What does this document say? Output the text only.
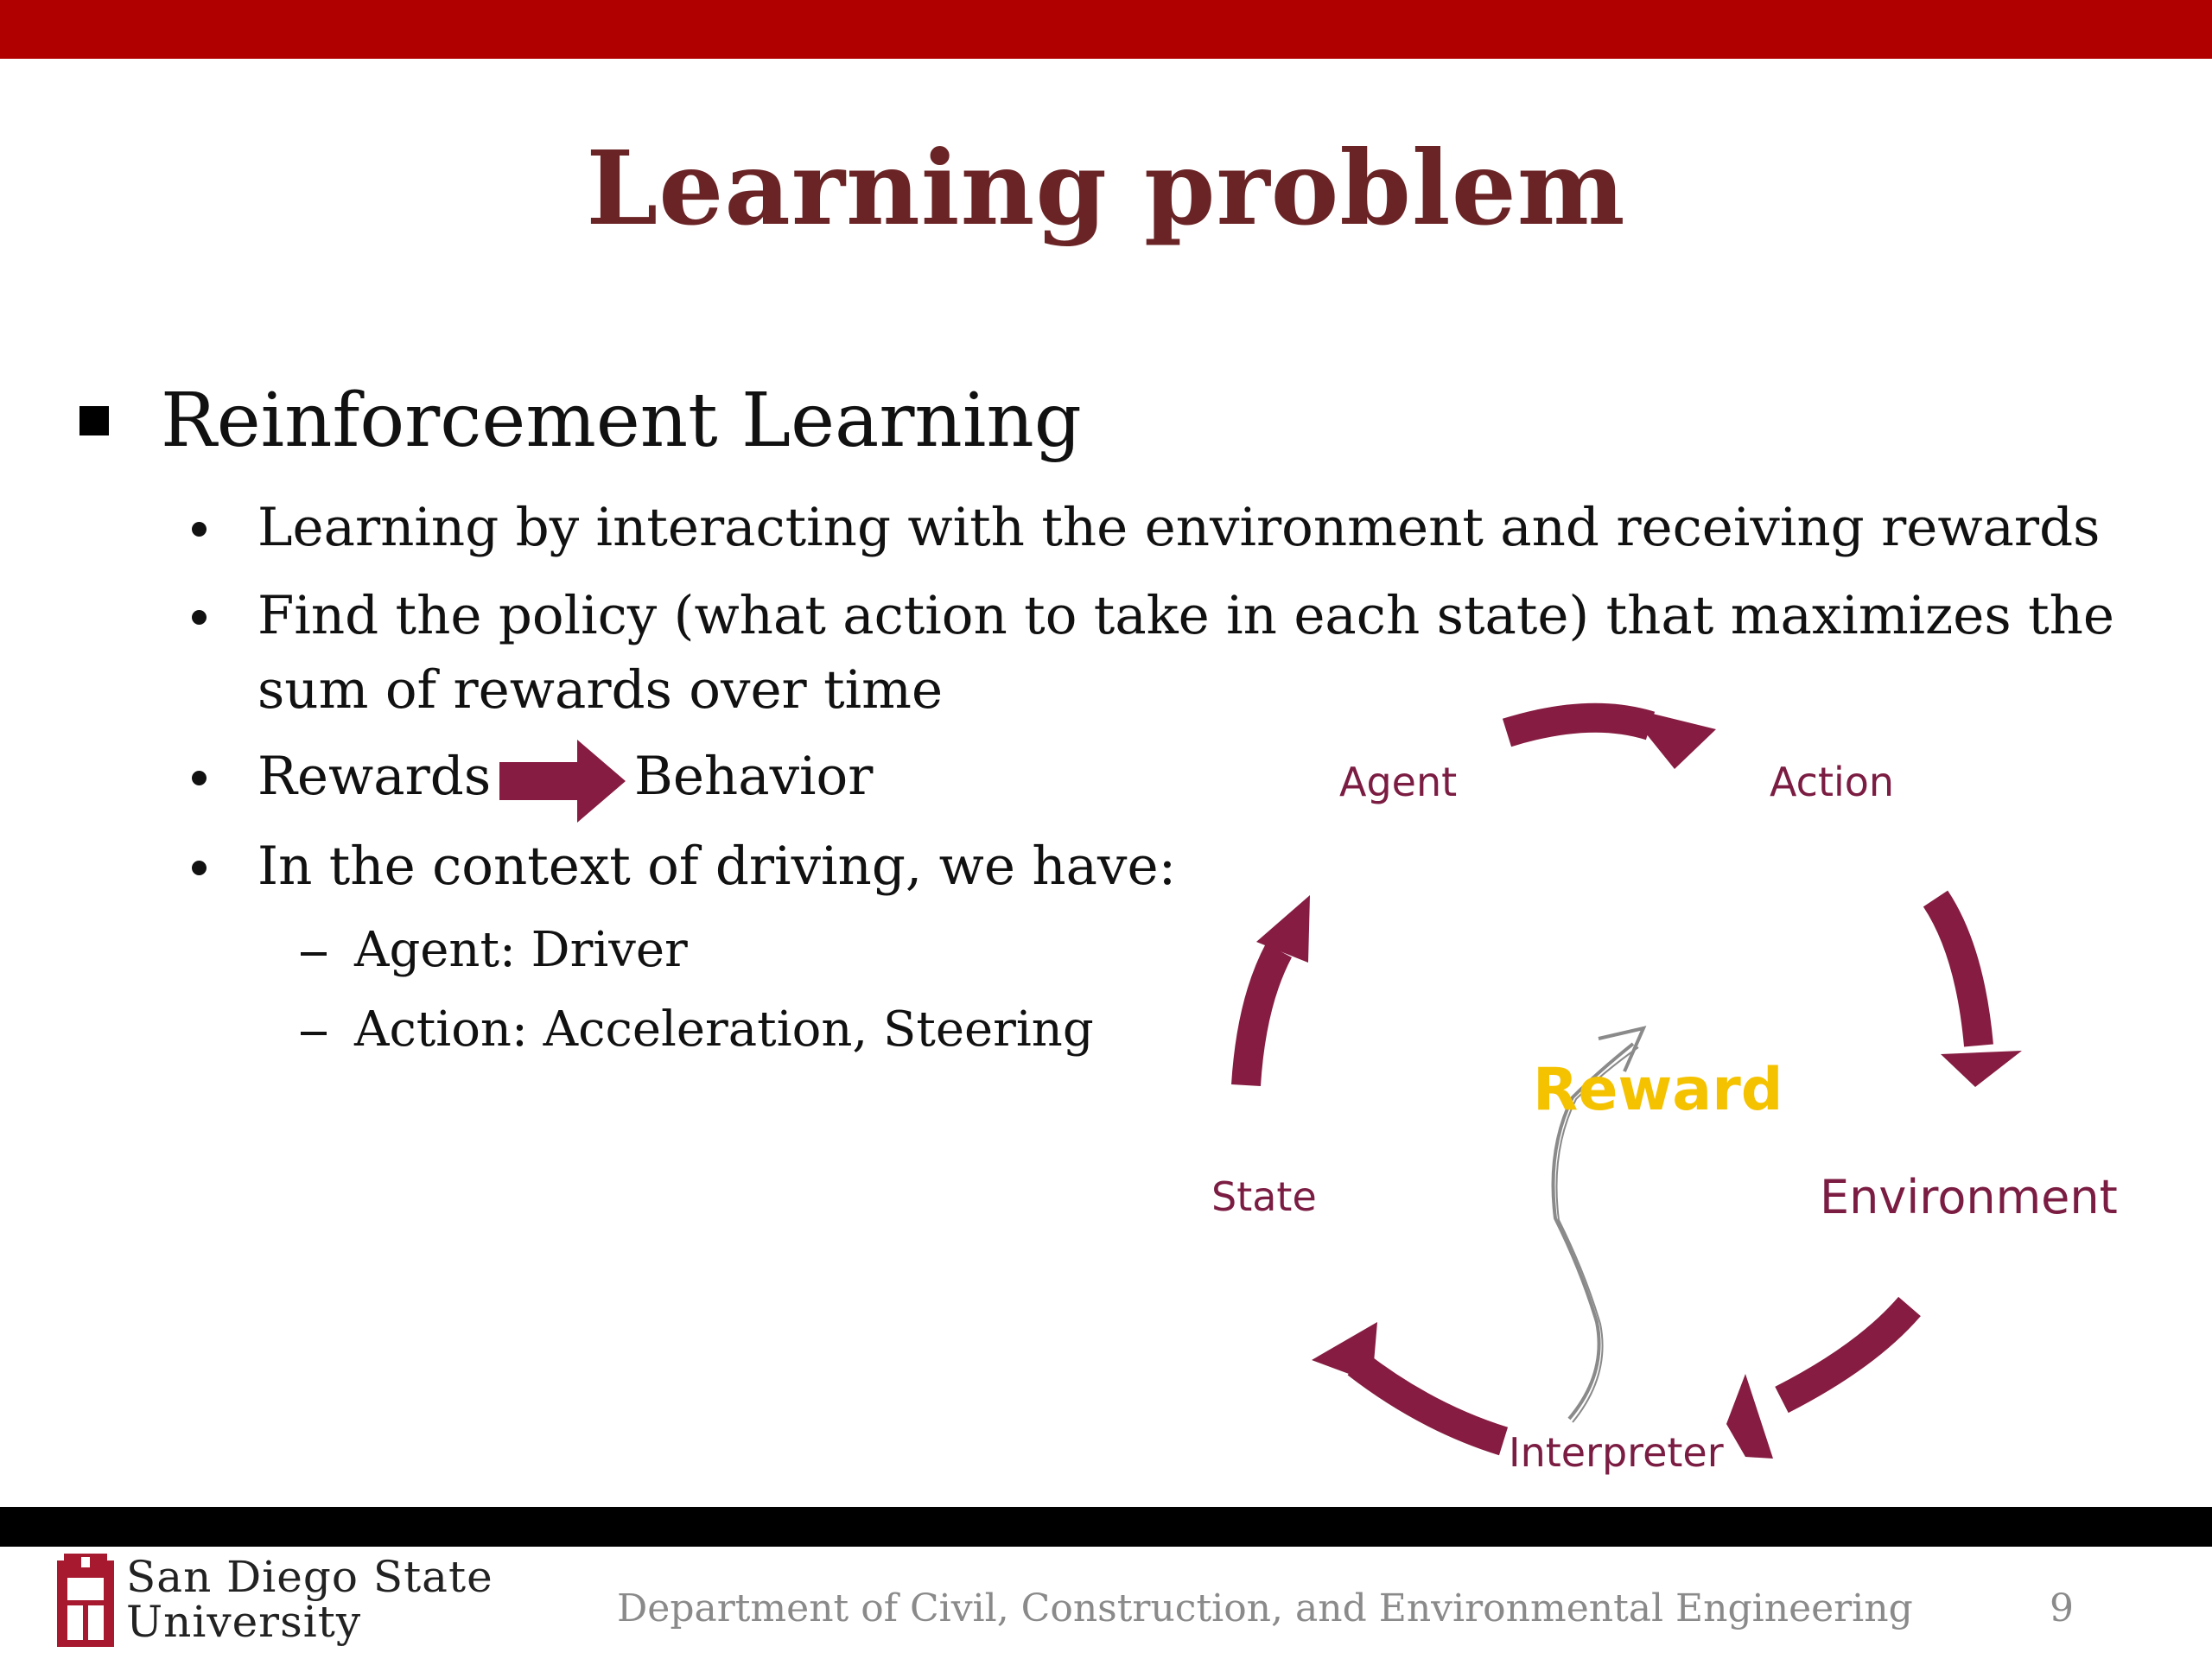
Learning problem
Reinforcement Learning
Learning by interacting with the environment and receiving rewards
Find the policy (what action to take in each state) that maximizes the
sum of rewards over time
Rewards	Behavior
In the context of driving, we have:
Agent: Driver
Action: Acceleration, Steering
Agent	Action
State	Environment
Interpreter
Reward
San Diego State
University	Department of Civil, Construction, and Environmental Engineering	9
